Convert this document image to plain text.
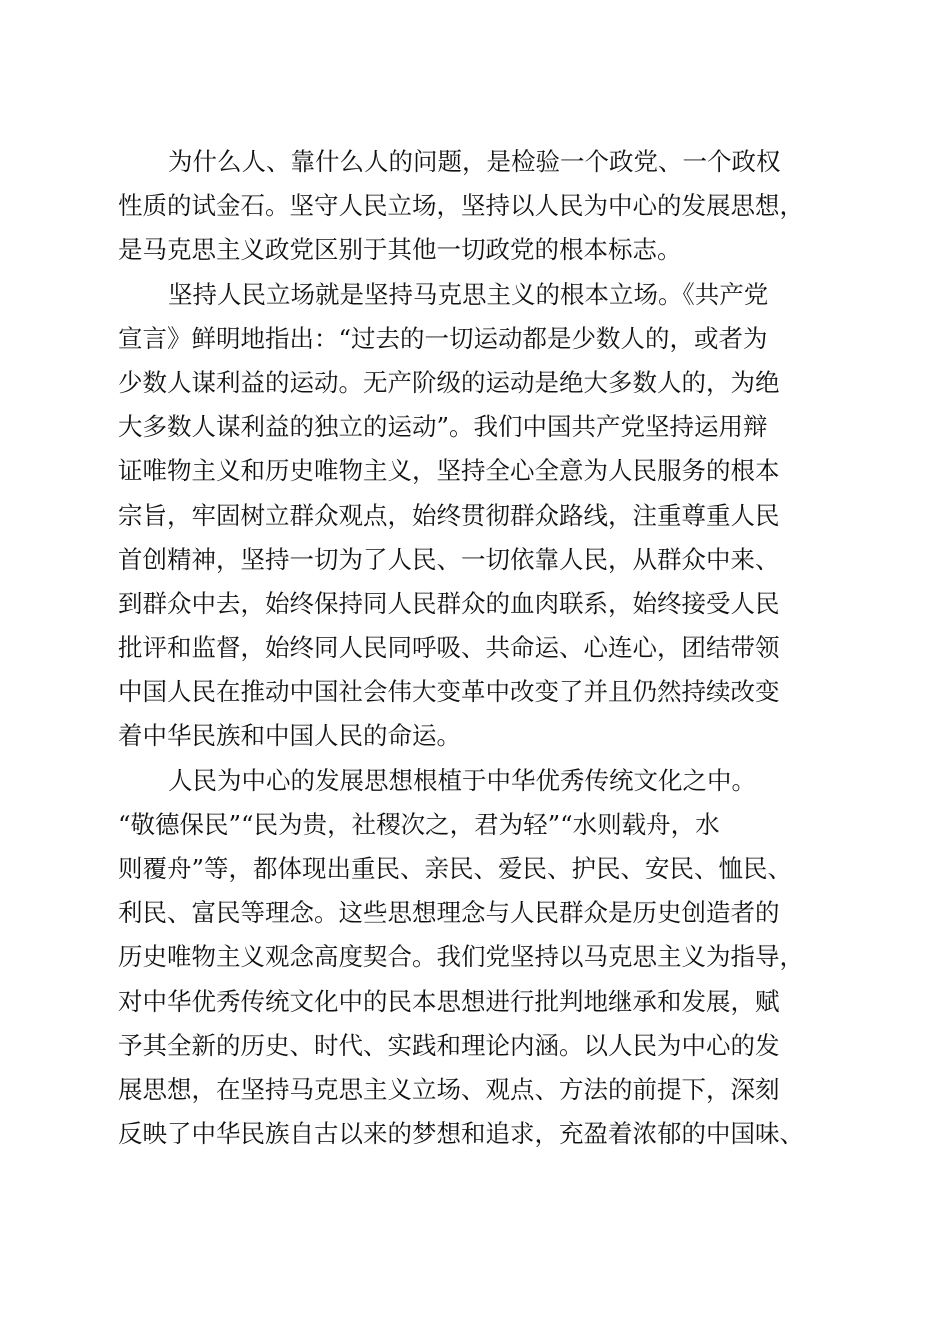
为什么人、靠什么人的问题，是检验一个政党、一个政权
性质的试金石。坚守人民立场，坚持以人民为中心的发展思想，
是马克思主义政党区别于其他一切政党的根本标志。
坚持人民立场就是坚持马克思主义的根本立场。《共产党
宣言》鲜明地指出：“过去的一切运动都是少数人的，或者为
少数人谋利益的运动。无产阶级的运动是绝大多数人的，为绝
大多数人谋利益的独立的运动”。我们中国共产党坚持运用辩
证唯物主义和历史唯物主义，坚持全心全意为人民服务的根本
宗旨，牢固树立群众观点，始终贯彻群众路线，注重尊重人民
首创精神，坚持一切为了人民、一切依靠人民，从群众中来、
到群众中去，始终保持同人民群众的血肉联系，始终接受人民
批评和监督，始终同人民同呼吸、共命运、心连心，团结带领
中国人民在推动中国社会伟大变革中改变了并且仍然持续改变
着中华民族和中国人民的命运。
人民为中心的发展思想根植于中华优秀传统文化之中。
“敬德保民”“民为贵，社稷次之，君为轻”“水则载舟，水
则覆舟”等，都体现出重民、亲民、爱民、护民、安民、恤民、
利民、富民等理念。这些思想理念与人民群众是历史创造者的
历史唯物主义观念高度契合。我们党坚持以马克思主义为指导，
对中华优秀传统文化中的民本思想进行批判地继承和发展，赋
予其全新的历史、时代、实践和理论内涵。以人民为中心的发
展思想，在坚持马克思主义立场、观点、方法的前提下，深刻
反映了中华民族自古以来的梦想和追求，充盈着浓郁的中国味、
